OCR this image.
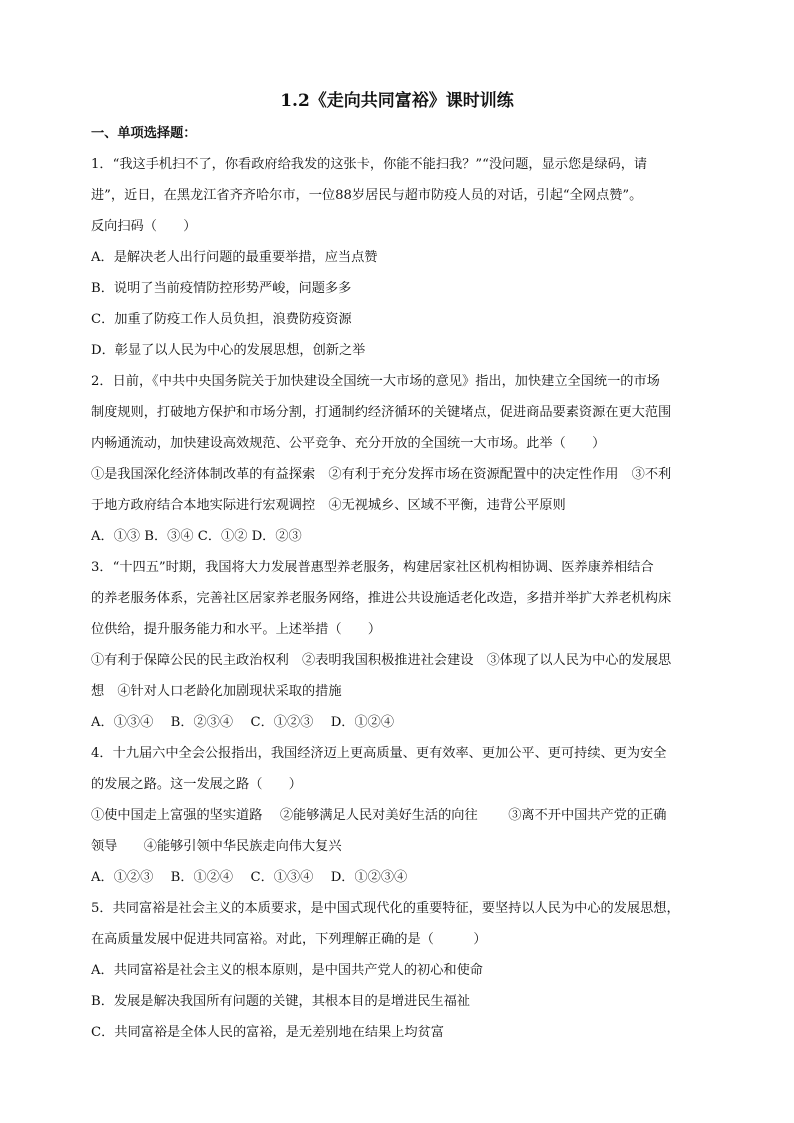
1.2《走向共同富裕》课时训练
一、单项选择题：
1．“我这手机扫不了，你看政府给我发的这张卡，你能不能扫我？”“没问题，显示您是绿码，请
进”，近日，在黑龙江省齐齐哈尔市，一位88岁居民与超市防疫人员的对话，引起“全网点赞”。
反向扫码（　　）
A．是解决老人出行问题的最重要举措，应当点赞
B．说明了当前疫情防控形势严峻，问题多多
C．加重了防疫工作人员负担，浪费防疫资源
D．彰显了以人民为中心的发展思想，创新之举
2．日前，《中共中央国务院关于加快建设全国统一大市场的意见》指出，加快建立全国统一的市场
制度规则，打破地方保护和市场分割，打通制约经济循环的关键堵点，促进商品要素资源在更大范围
内畅通流动，加快建设高效规范、公平竞争、充分开放的全国统一大市场。此举（　　）
①是我国深化经济体制改革的有益探索　②有利于充分发挥市场在资源配置中的决定性作用　③不利
于地方政府结合本地实际进行宏观调控　④无视城乡、区域不平衡，违背公平原则
A．①③ B．③④ C．①② D．②③
3．“十四五”时期，我国将大力发展普惠型养老服务，构建居家社区机构相协调、医养康养相结合
的养老服务体系，完善社区居家养老服务网络，推进公共设施适老化改造，多措并举扩大养老机构床
位供给，提升服务能力和水平。上述举措（　　）
①有利于保障公民的民主政治权利　②表明我国积极推进社会建设　③体现了以人民为中心的发展思
想　④针对人口老龄化加剧现状采取的措施
A．①③④　 B．②③④　 C．①②③　 D．①②④
4．十九届六中全会公报指出，我国经济迈上更高质量、更有效率、更加公平、更可持续、更为安全
的发展之路。这一发展之路（　　）
①使中国走上富强的坚实道路　 ②能够满足人民对美好生活的向往　　 ③离不开中国共产党的正确
领导　　④能够引领中华民族走向伟大复兴
A．①②③　 B．①②④　 C．①③④　 D．①②③④
5．共同富裕是社会主义的本质要求，是中国式现代化的重要特征，要坚持以人民为中心的发展思想，
在高质量发展中促进共同富裕。对此，下列理解正确的是（　　　）
A．共同富裕是社会主义的根本原则，是中国共产党人的初心和使命
B．发展是解决我国所有问题的关键，其根本目的是增进民生福祉
C．共同富裕是全体人民的富裕，是无差别地在结果上均贫富
